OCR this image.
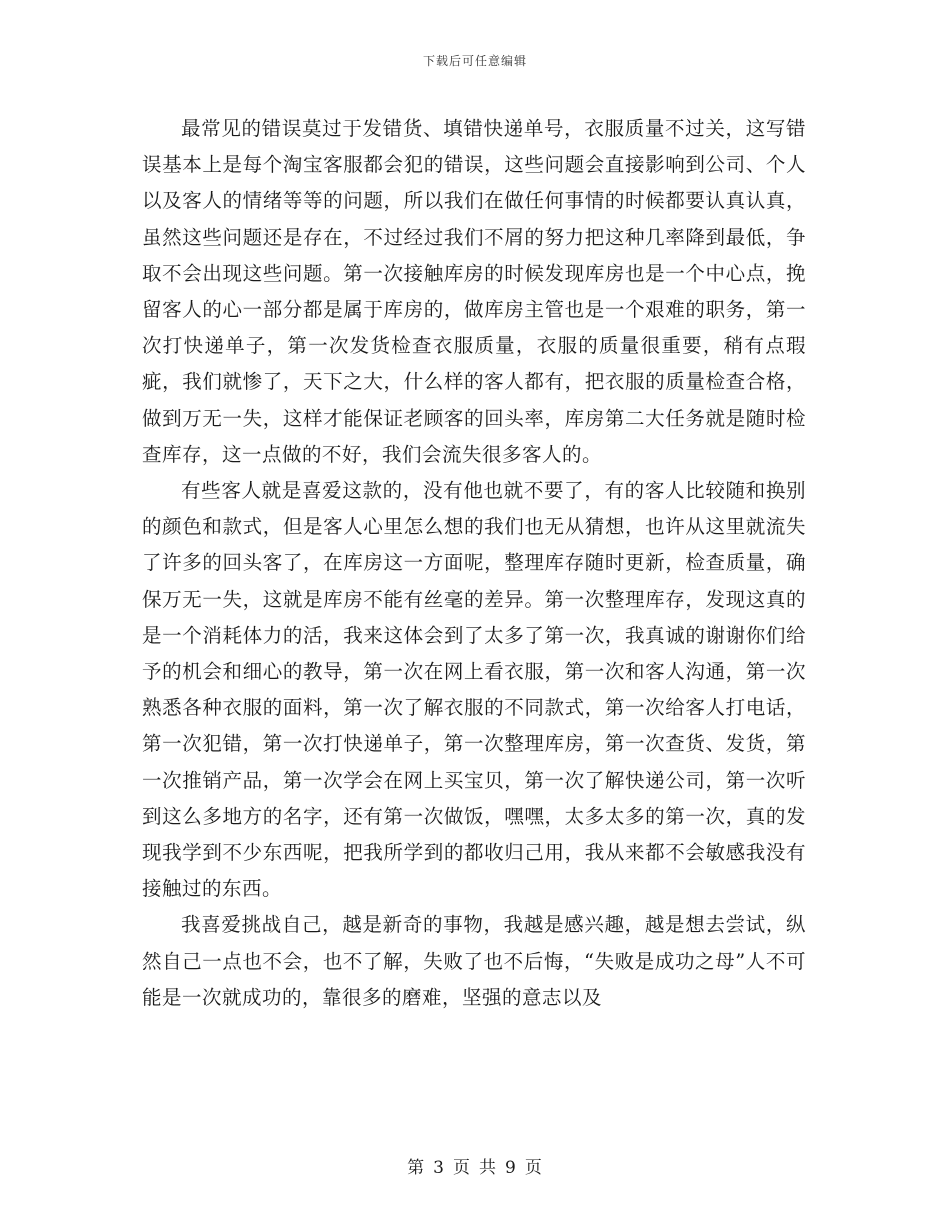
下载后可任意编辑

最常见的错误莫过于发错货、填错快递单号，衣服质量不过关，这写错误基本上是每个淘宝客服都会犯的错误，这些问题会直接影响到公司、个人以及客人的情绪等等的问题，所以我们在做任何事情的时候都要认真认真，虽然这些问题还是存在，不过经过我们不屑的努力把这种几率降到最低，争取不会出现这些问题。第一次接触库房的时候发现库房也是一个中心点，挽留客人的心一部分都是属于库房的，做库房主管也是一个艰难的职务，第一次打快递单子，第一次发货检查衣服质量，衣服的质量很重要，稍有点瑕疵，我们就惨了，天下之大，什么样的客人都有，把衣服的质量检查合格，做到万无一失，这样才能保证老顾客的回头率，库房第二大任务就是随时检查库存，这一点做的不好，我们会流失很多客人的。

有些客人就是喜爱这款的，没有他也就不要了，有的客人比较随和换别的颜色和款式，但是客人心里怎么想的我们也无从猜想，也许从这里就流失了许多的回头客了，在库房这一方面呢，整理库存随时更新，检查质量，确保万无一失，这就是库房不能有丝毫的差异。第一次整理库存，发现这真的是一个消耗体力的活，我来这体会到了太多了第一次，我真诚的谢谢你们给予的机会和细心的教导，第一次在网上看衣服，第一次和客人沟通，第一次熟悉各种衣服的面料，第一次了解衣服的不同款式，第一次给客人打电话，第一次犯错，第一次打快递单子，第一次整理库房，第一次查货、发货，第一次推销产品，第一次学会在网上买宝贝，第一次了解快递公司，第一次听到这么多地方的名字，还有第一次做饭，嘿嘿，太多太多的第一次，真的发现我学到不少东西呢，把我所学到的都收归己用，我从来都不会敏感我没有接触过的东西。

我喜爱挑战自己，越是新奇的事物，我越是感兴趣，越是想去尝试，纵然自己一点也不会，也不了解，失败了也不后悔，“失败是成功之母”人不可能是一次就成功的，靠很多的磨难，坚强的意志以及

第 3 页 共 9 页
